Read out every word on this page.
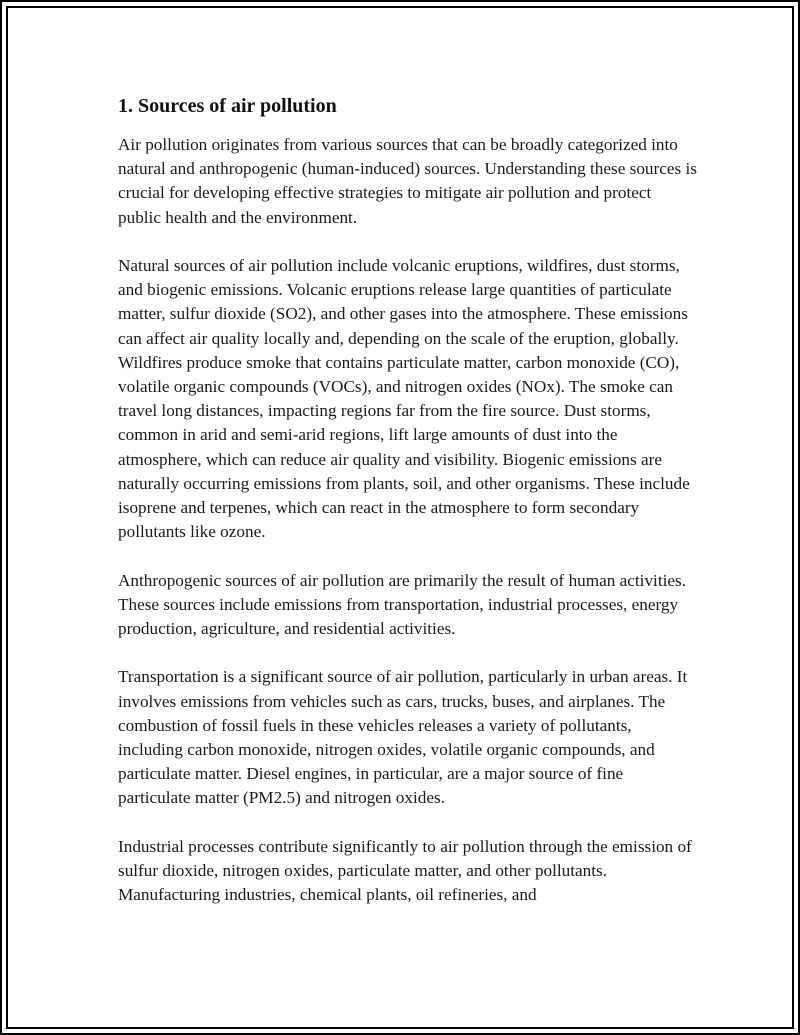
1. Sources of air pollution

Air pollution originates from various sources that can be broadly categorized into natural and anthropogenic (human-induced) sources. Understanding these sources is crucial for developing effective strategies to mitigate air pollution and protect public health and the environment.

Natural sources of air pollution include volcanic eruptions, wildfires, dust storms, and biogenic emissions. Volcanic eruptions release large quantities of particulate matter, sulfur dioxide (SO2), and other gases into the atmosphere. These emissions can affect air quality locally and, depending on the scale of the eruption, globally. Wildfires produce smoke that contains particulate matter, carbon monoxide (CO), volatile organic compounds (VOCs), and nitrogen oxides (NOx). The smoke can travel long distances, impacting regions far from the fire source. Dust storms, common in arid and semi-arid regions, lift large amounts of dust into the atmosphere, which can reduce air quality and visibility. Biogenic emissions are naturally occurring emissions from plants, soil, and other organisms. These include isoprene and terpenes, which can react in the atmosphere to form secondary pollutants like ozone.

Anthropogenic sources of air pollution are primarily the result of human activities. These sources include emissions from transportation, industrial processes, energy production, agriculture, and residential activities.

Transportation is a significant source of air pollution, particularly in urban areas. It involves emissions from vehicles such as cars, trucks, buses, and airplanes. The combustion of fossil fuels in these vehicles releases a variety of pollutants, including carbon monoxide, nitrogen oxides, volatile organic compounds, and particulate matter. Diesel engines, in particular, are a major source of fine particulate matter (PM2.5) and nitrogen oxides.

Industrial processes contribute significantly to air pollution through the emission of sulfur dioxide, nitrogen oxides, particulate matter, and other pollutants. Manufacturing industries, chemical plants, oil refineries, and
